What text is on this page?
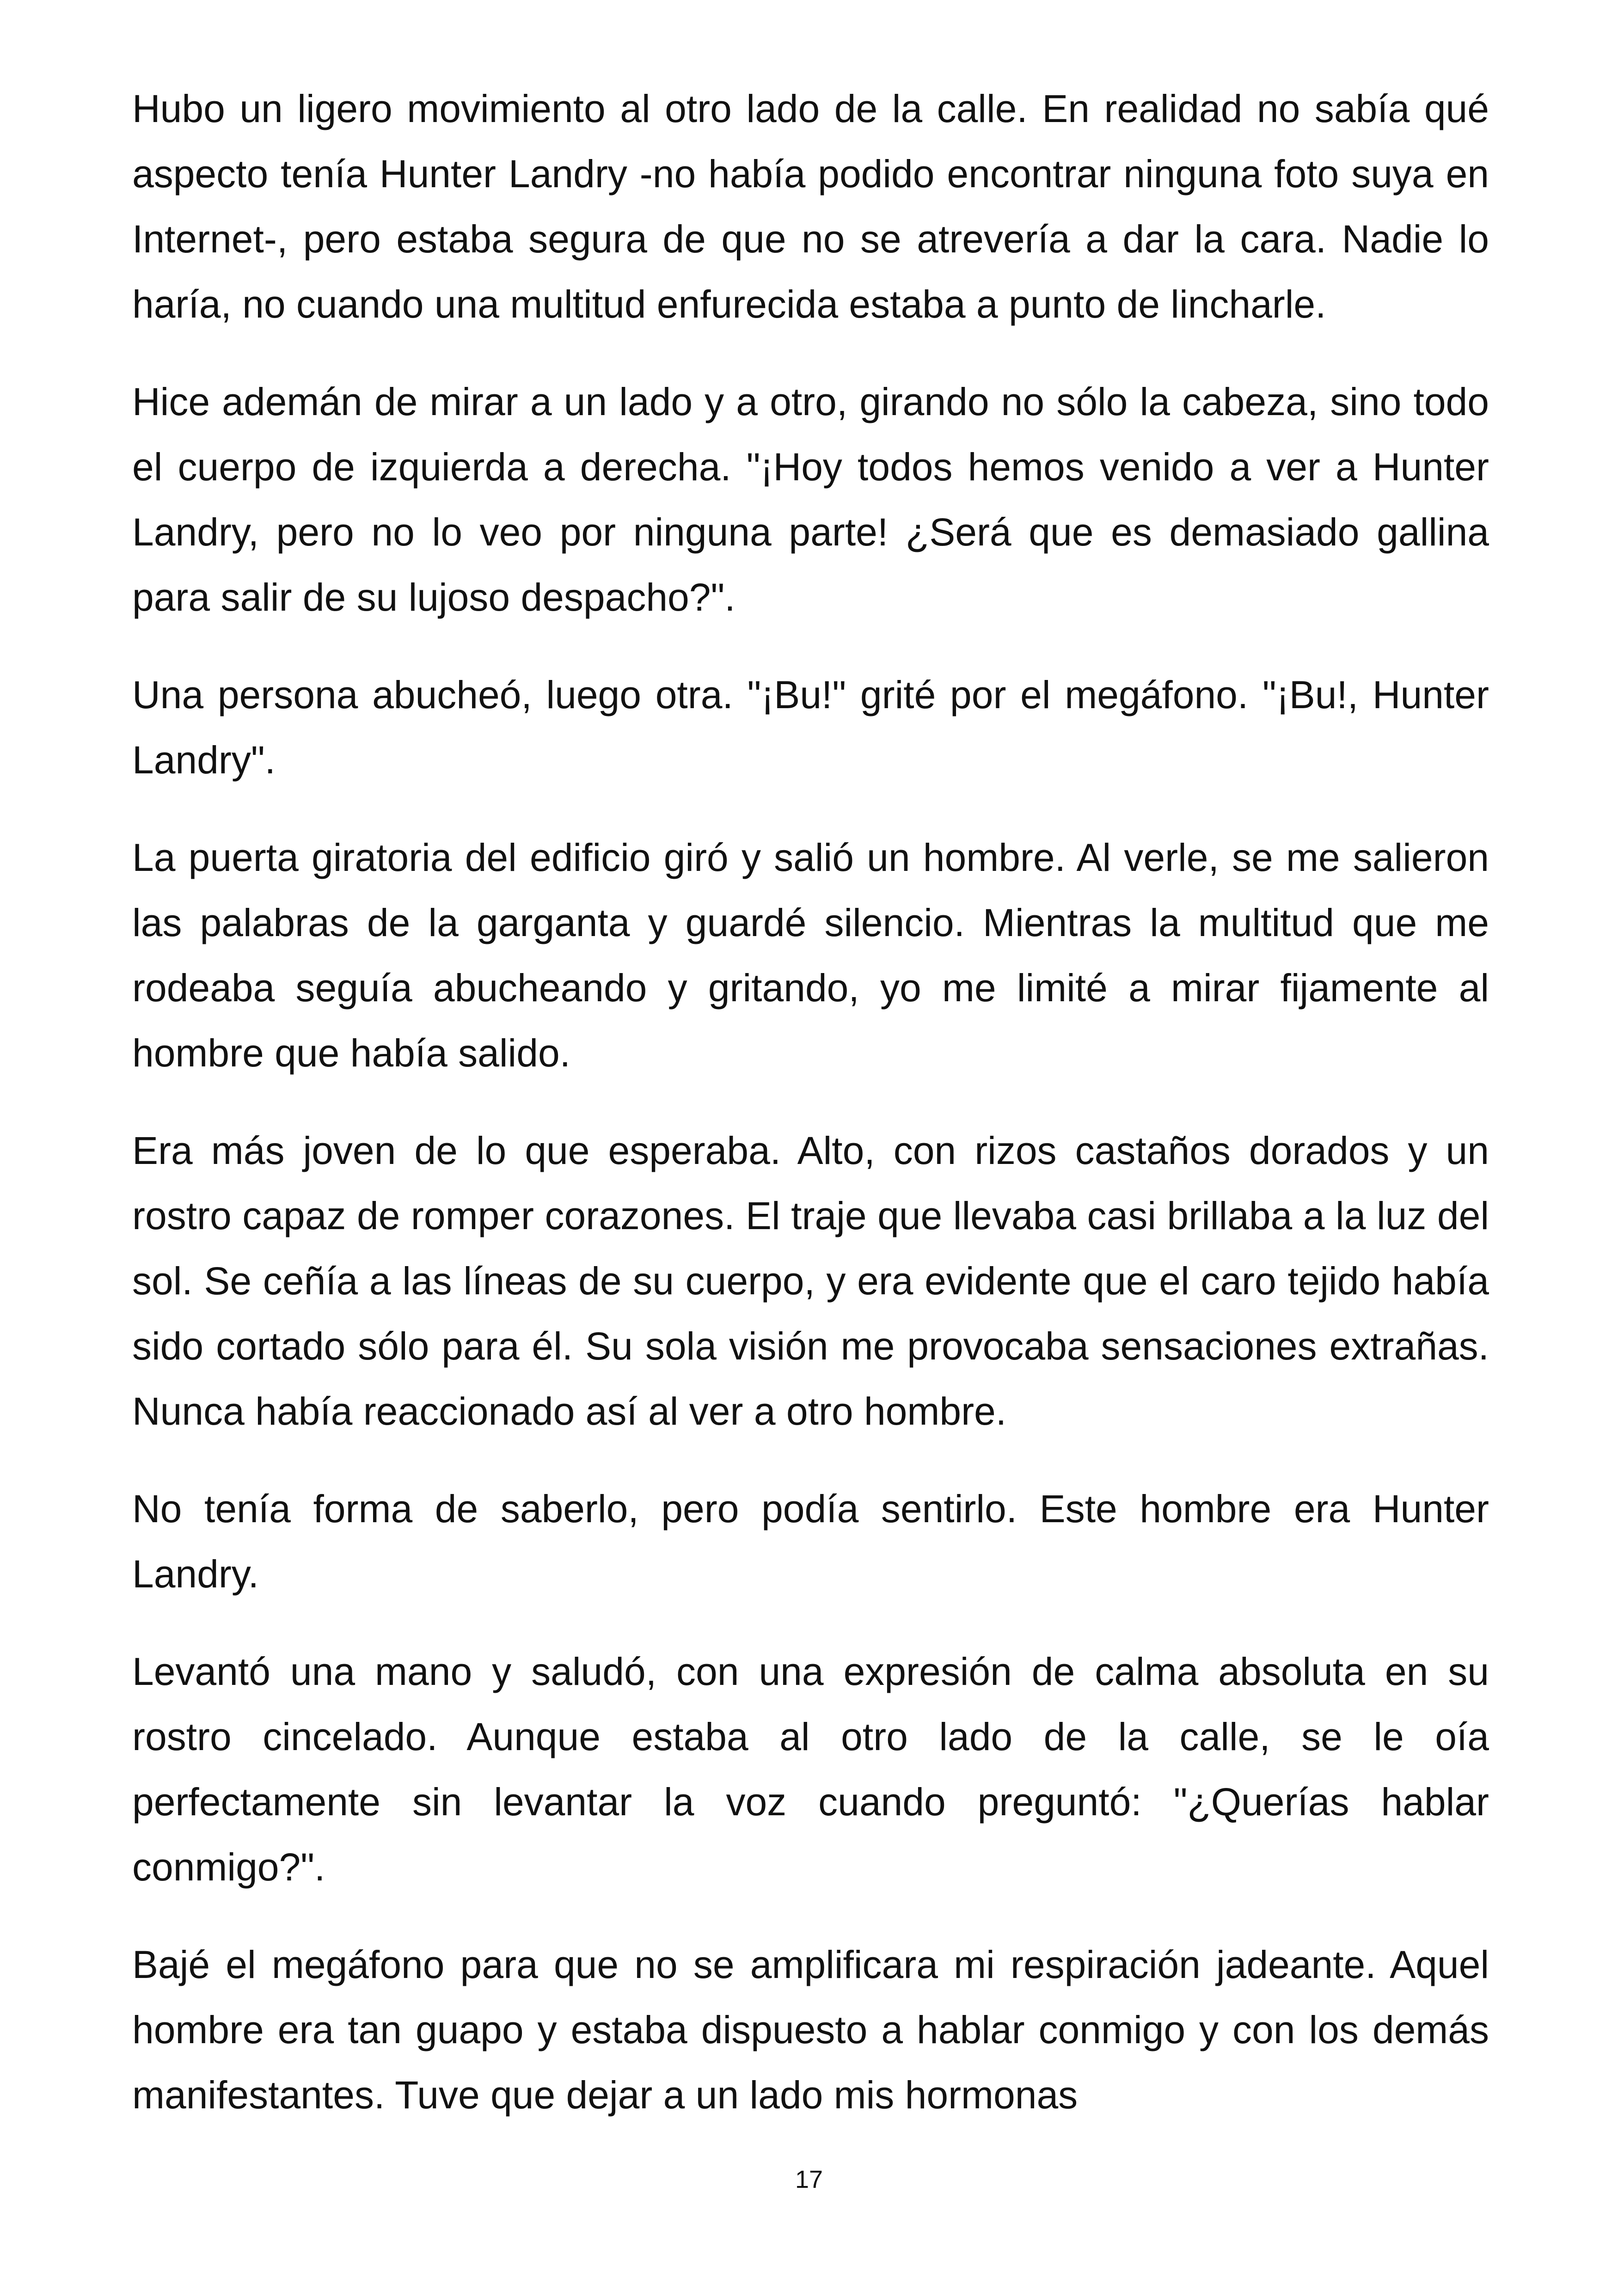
Hubo un ligero movimiento al otro lado de la calle. En realidad no sabía qué aspecto tenía Hunter Landry -no había podido encontrar ninguna foto suya en Internet-, pero estaba segura de que no se atrevería a dar la cara. Nadie lo haría, no cuando una multitud enfurecida estaba a punto de lincharle.

Hice ademán de mirar a un lado y a otro, girando no sólo la cabeza, sino todo el cuerpo de izquierda a derecha. "¡Hoy todos hemos venido a ver a Hunter Landry, pero no lo veo por ninguna parte! ¿Será que es demasiado gallina para salir de su lujoso despacho?".

Una persona abucheó, luego otra. "¡Bu!" grité por el megáfono. "¡Bu!, Hunter Landry".

La puerta giratoria del edificio giró y salió un hombre. Al verle, se me salieron las palabras de la garganta y guardé silencio. Mientras la multitud que me rodeaba seguía abucheando y gritando, yo me limité a mirar fijamente al hombre que había salido.

Era más joven de lo que esperaba. Alto, con rizos castaños dorados y un rostro capaz de romper corazones. El traje que llevaba casi brillaba a la luz del sol. Se ceñía a las líneas de su cuerpo, y era evidente que el caro tejido había sido cortado sólo para él. Su sola visión me provocaba sensaciones extrañas. Nunca había reaccionado así al ver a otro hombre.

No tenía forma de saberlo, pero podía sentirlo. Este hombre era Hunter Landry.

Levantó una mano y saludó, con una expresión de calma absoluta en su rostro cincelado. Aunque estaba al otro lado de la calle, se le oía perfectamente sin levantar la voz cuando preguntó: "¿Querías hablar conmigo?".

Bajé el megáfono para que no se amplificara mi respiración jadeante. Aquel hombre era tan guapo y estaba dispuesto a hablar conmigo y con los demás manifestantes. Tuve que dejar a un lado mis hormonas

17
